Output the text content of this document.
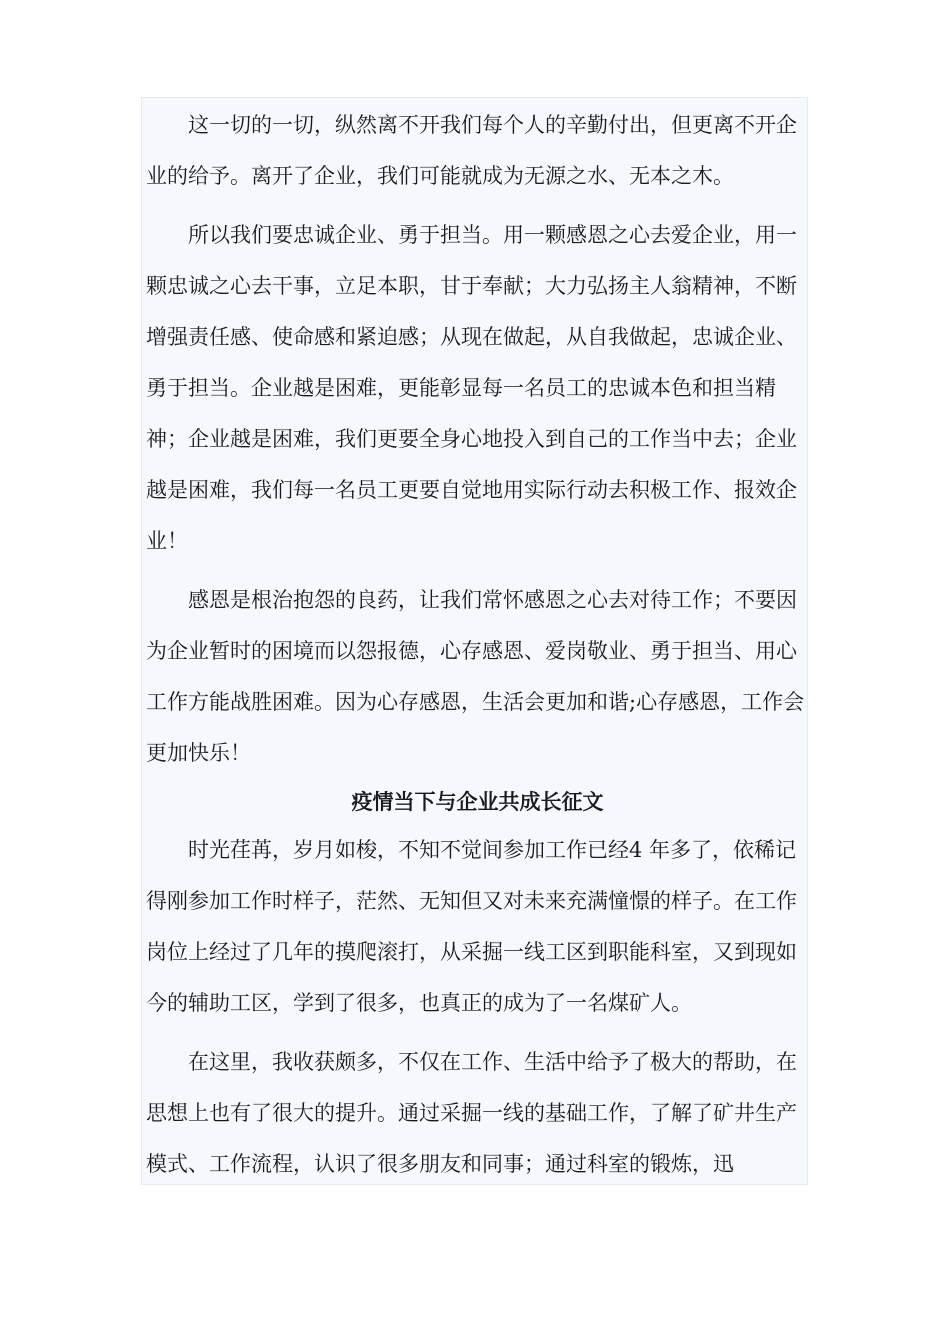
这一切的一切，纵然离不开我们每个人的辛勤付出，但更离不开企业的给予。离开了企业，我们可能就成为无源之水、无本之木。

所以我们要忠诚企业、勇于担当。用一颗感恩之心去爱企业，用一颗忠诚之心去干事，立足本职，甘于奉献；大力弘扬主人翁精神，不断增强责任感、使命感和紧迫感；从现在做起，从自我做起，忠诚企业、勇于担当。企业越是困难，更能彰显每一名员工的忠诚本色和担当精神；企业越是困难，我们更要全身心地投入到自己的工作当中去；企业越是困难，我们每一名员工更要自觉地用实际行动去积极工作、报效企业！

感恩是根治抱怨的良药，让我们常怀感恩之心去对待工作；不要因为企业暂时的困境而以怨报德，心存感恩、爱岗敬业、勇于担当、用心工作方能战胜困难。因为心存感恩，生活会更加和谐;心存感恩，工作会更加快乐！

疫情当下与企业共成长征文

时光荏苒，岁月如梭，不知不觉间参加工作已经4 年多了，依稀记得刚参加工作时样子，茫然、无知但又对未来充满憧憬的样子。在工作岗位上经过了几年的摸爬滚打，从采掘一线工区到职能科室，又到现如今的辅助工区，学到了很多，也真正的成为了一名煤矿人。

在这里，我收获颇多，不仅在工作、生活中给予了极大的帮助，在思想上也有了很大的提升。通过采掘一线的基础工作，了解了矿井生产模式、工作流程，认识了很多朋友和同事；通过科室的锻炼，迅
